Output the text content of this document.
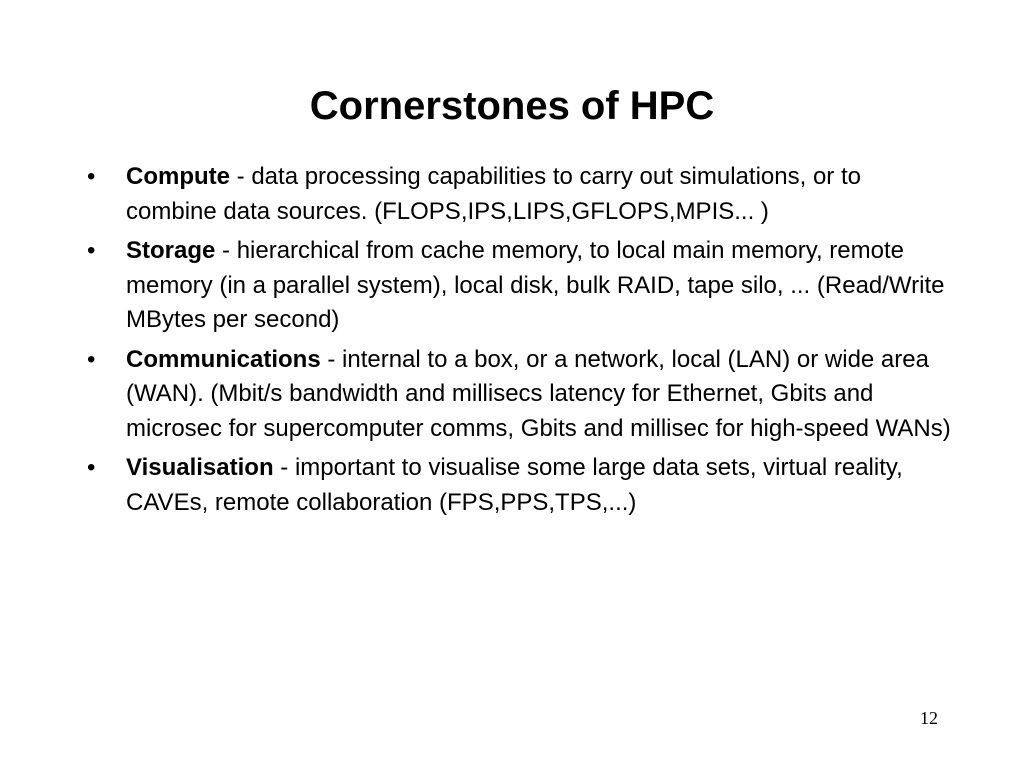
Cornerstones of HPC
• Compute - data processing capabilities to carry out simulations, or to combine data sources. (FLOPS,IPS,LIPS,GFLOPS,MPIS... )
• Storage - hierarchical from cache memory, to local main memory, remote memory (in a parallel system), local disk, bulk RAID, tape silo, ... (Read/Write MBytes per second)
• Communications - internal to a box, or a network, local (LAN) or wide area (WAN). (Mbit/s bandwidth and millisecs latency for Ethernet, Gbits and microsec for supercomputer comms, Gbits and millisec for high-speed WANs)
• Visualisation - important to visualise some large data sets, virtual reality, CAVEs, remote collaboration (FPS,PPS,TPS,...)
12
